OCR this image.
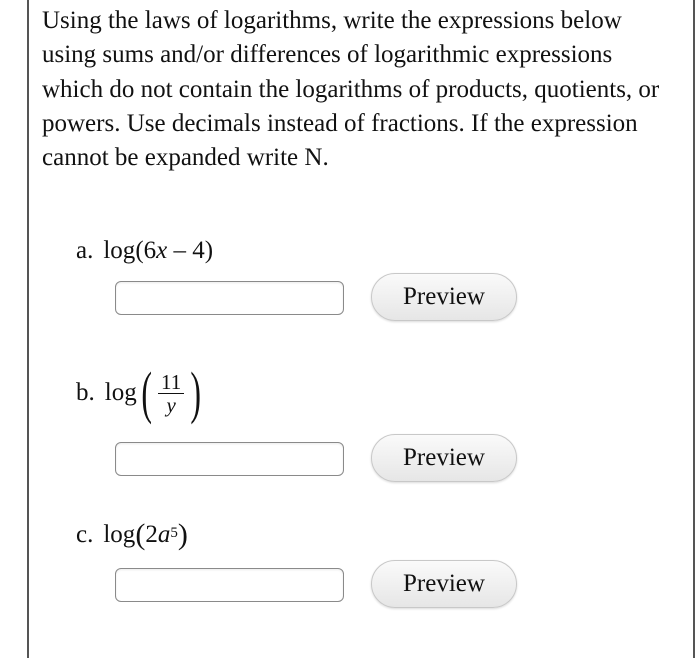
Using the laws of logarithms, write the expressions below using sums and/or differences of logarithmic expressions which do not contain the logarithms of products, quotients, or powers. Use decimals instead of fractions. If the expression cannot be expanded write N.

a. log(6x – 4)
Preview
b. log ( $\frac{11}{y}$ )
Preview
c. log ( 2 $a^5$ )
Preview
